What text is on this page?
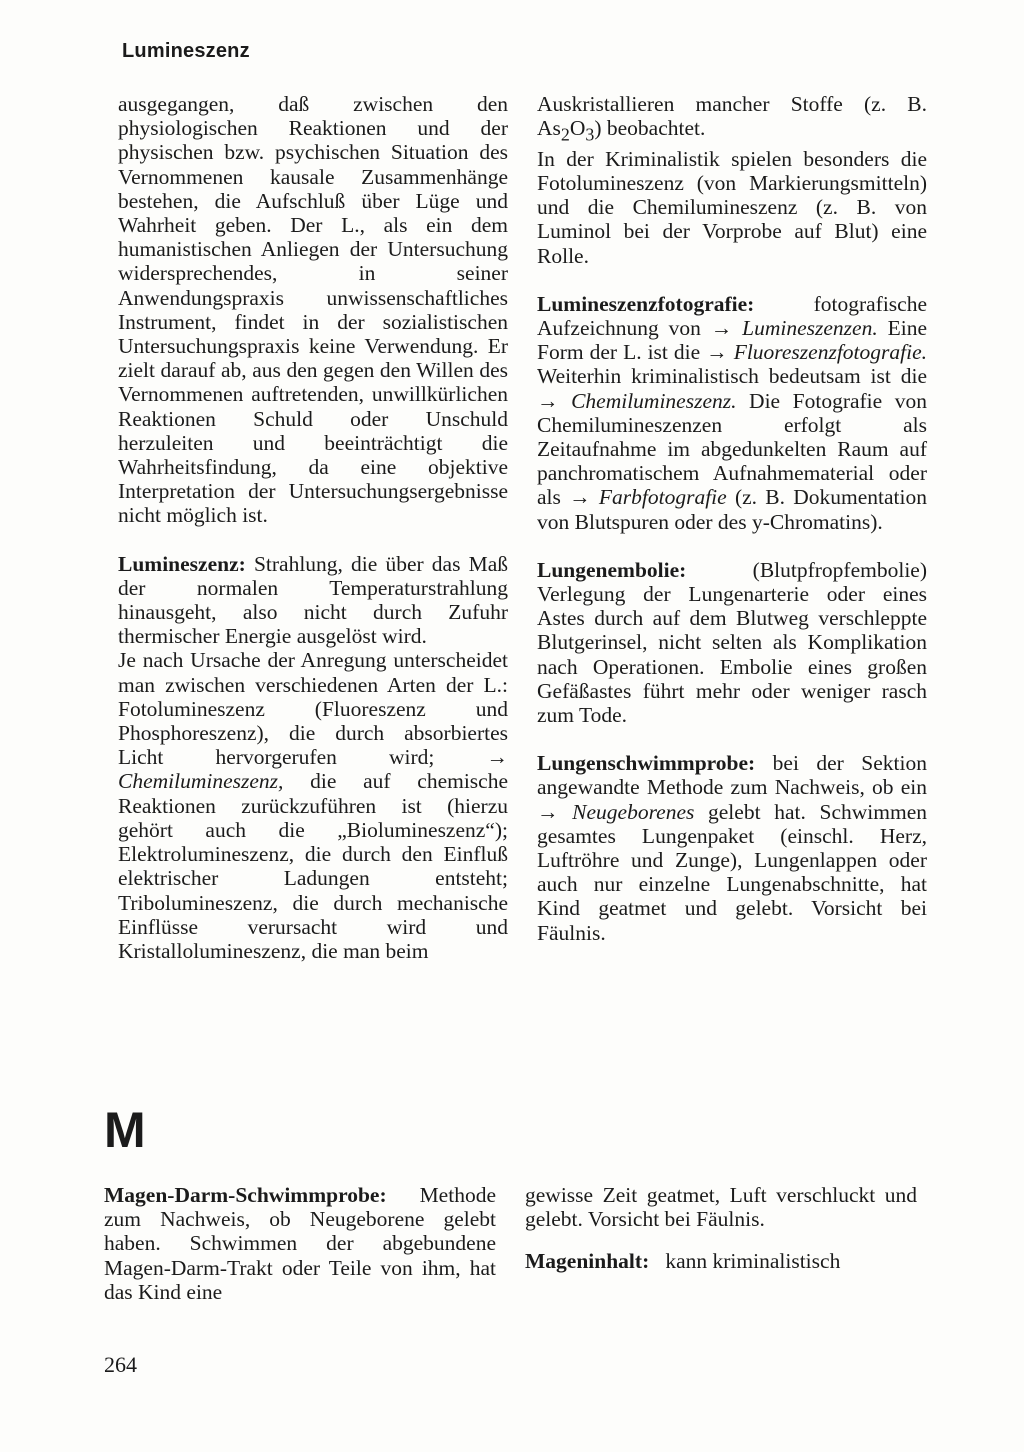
Lumineszenz

ausgegangen, daß zwischen den physiologischen Reaktionen und der physischen bzw. psychischen Situation des Vernommenen kausale Zusammenhänge bestehen, die Aufschluß über Lüge und Wahrheit geben. Der L., als ein dem humanistischen Anliegen der Untersuchung widersprechendes, in seiner Anwendungspraxis unwissenschaftliches Instrument, findet in der sozialistischen Untersuchungspraxis keine Verwendung. Er zielt darauf ab, aus den gegen den Willen des Vernommenen auftretenden, unwillkürlichen Reaktionen Schuld oder Unschuld herzuleiten und beeinträchtigt die Wahrheitsfindung, da eine objektive Interpretation der Untersuchungsergebnisse nicht möglich ist.

Lumineszenz: Strahlung, die über das Maß der normalen Temperaturstrahlung hinausgeht, also nicht durch Zufuhr thermischer Energie ausgelöst wird.

Je nach Ursache der Anregung unterscheidet man zwischen verschiedenen Arten der L.: Fotolumineszenz (Fluoreszenz und Phosphoreszenz), die durch absorbiertes Licht hervorgerufen wird; → Chemilumineszenz, die auf chemische Reaktionen zurückzuführen ist (hierzu gehört auch die „Biolumineszenz“); Elektrolumineszenz, die durch den Einfluß elektrischer Ladungen entsteht; Tribolumineszenz, die durch mechanische Einflüsse verursacht wird und Kristallolumineszenz, die man beim

Auskristallieren mancher Stoffe (z. B. $As_2O_3$) beobachtet.

In der Kriminalistik spielen besonders die Fotolumineszenz (von Markierungsmitteln) und die Chemilumineszenz (z. B. von Luminol bei der Vorprobe auf Blut) eine Rolle.

Lumineszenzfotografie:	fotografische Aufzeichnung von → Lumineszenzen. Eine Form der L. ist die → Fluoreszenzfotografie. Weiterhin kriminalistisch bedeutsam ist die → Chemilumineszenz. Die Fotografie von Chemilumineszenzen erfolgt als Zeitaufnahme im abgedunkelten Raum auf panchromatischem Aufnahmematerial oder als → Farbfotografie (z. B. Dokumentation von Blutspuren oder des y-Chromatins).

Lungenembolie:	(Blutpfropfembolie) Verlegung der Lungenarterie oder eines Astes durch auf dem Blutweg verschleppte Blutgerinsel, nicht selten als Komplikation nach Operationen. Embolie eines großen Gefäßastes führt mehr oder weniger rasch zum Tode.

Lungenschwimmprobe: bei der Sektion angewandte Methode zum Nachweis, ob ein → Neugeborenes gelebt hat. Schwimmen gesamtes Lungenpaket (einschl. Herz, Luftröhre und Zunge), Lungenlappen oder auch nur einzelne Lungenabschnitte, hat Kind geatmet und gelebt. Vorsicht bei Fäulnis.

M

Magen-Darm-Schwimmprobe: Methode zum Nachweis, ob Neugeborene gelebt haben. Schwimmen der abgebundene Magen-Darm-Trakt oder Teile von ihm, hat das Kind eine

gewisse Zeit geatmet, Luft verschluckt und gelebt. Vorsicht bei Fäulnis.

Mageninhalt: kann kriminalistisch

264
